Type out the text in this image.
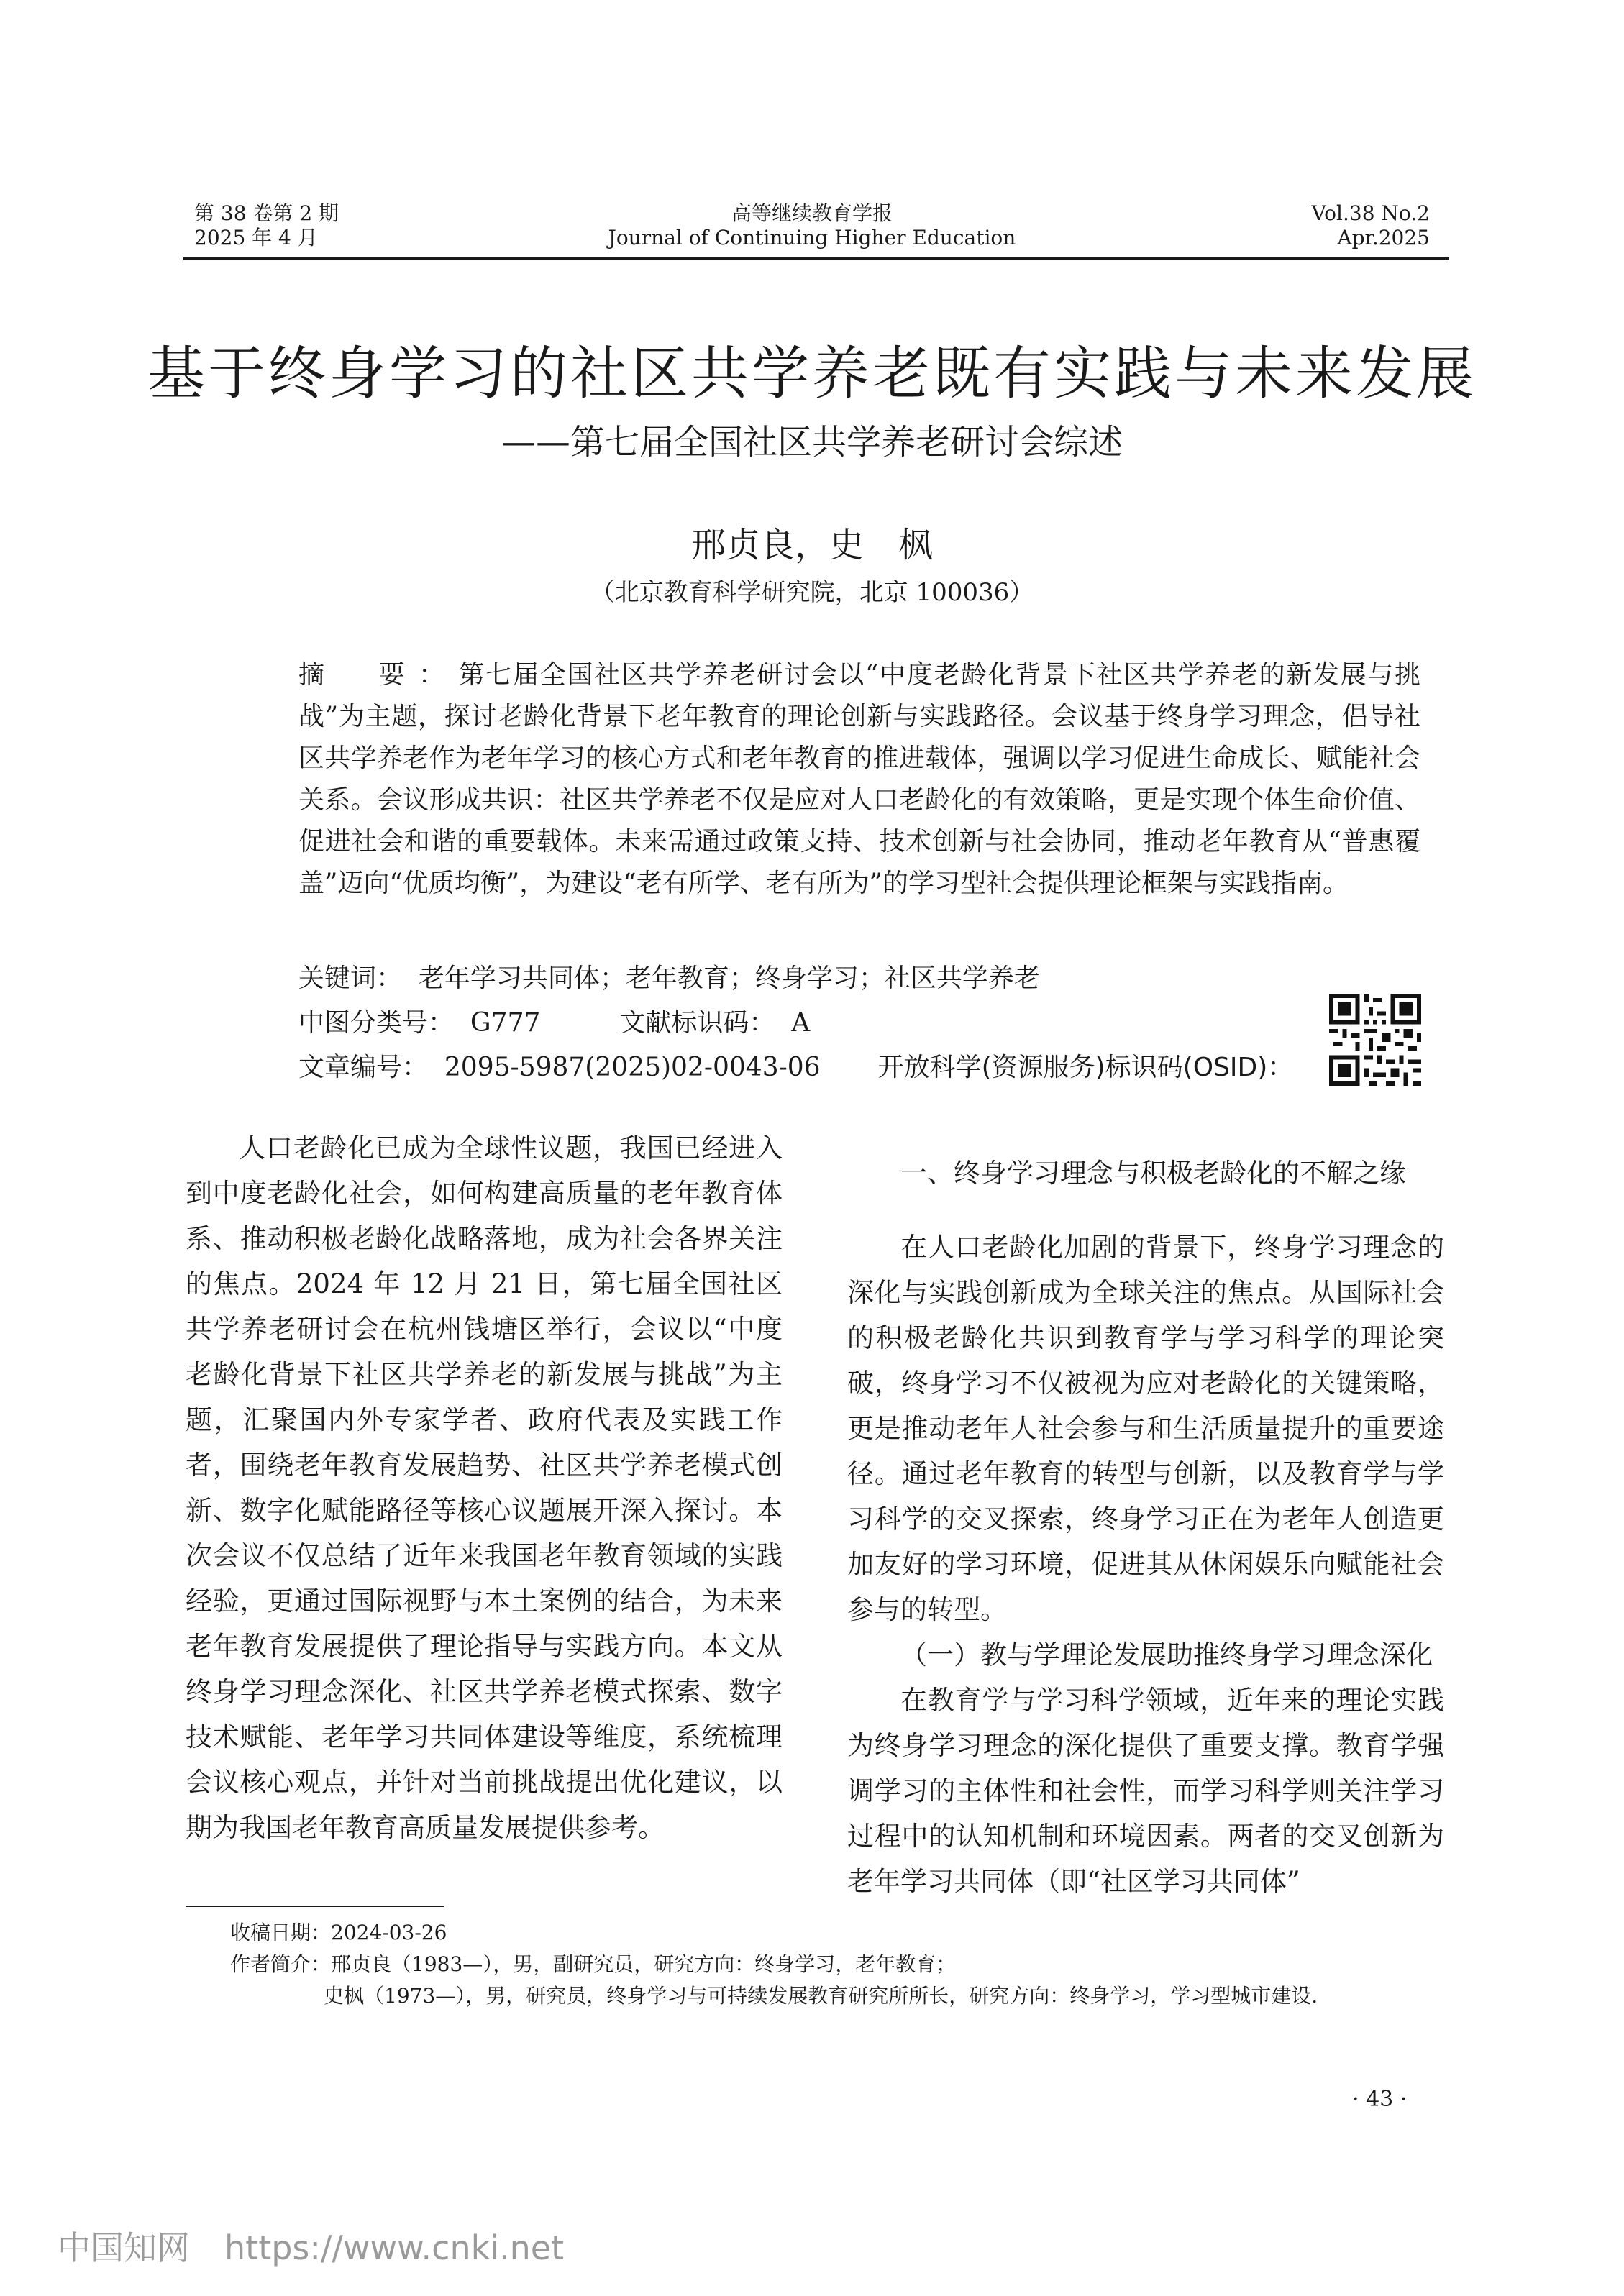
第 38 卷第 2 期
2025 年 4 月
高等继续教育学报
Journal of Continuing Higher Education
Vol.38 No.2
Apr.2025
基于终身学习的社区共学养老既有实践与未来发展
——第七届全国社区共学养老研讨会综述
邢贞良，史　枫
（北京教育科学研究院，北京 100036）
摘　要：第七届全国社区共学养老研讨会以“中度老龄化背景下社区共学养老的新发展与挑战”为主题，探讨老龄化背景下老年教育的理论创新与实践路径。会议基于终身学习理念，倡导社区共学养老作为老年学习的核心方式和老年教育的推进载体，强调以学习促进生命成长、赋能社会关系。会议形成共识：社区共学养老不仅是应对人口老龄化的有效策略，更是实现个体生命价值、促进社会和谐的重要载体。未来需通过政策支持、技术创新与社会协同，推动老年教育从“普惠覆盖”迈向“优质均衡”，为建设“老有所学、老有所为”的学习型社会提供理论框架与实践指南。
关键词： 老年学习共同体；老年教育；终身学习；社区共学养老
中图分类号： G777	文献标识码： A
文章编号： 2095-5987(2025)02-0043-06 开放科学(资源服务)标识码(OSID)：

人口老龄化已成为全球性议题，我国已经进入到中度老龄化社会，如何构建高质量的老年教育体系、推动积极老龄化战略落地，成为社会各界关注的焦点。2024 年 12 月 21 日，第七届全国社区共学养老研讨会在杭州钱塘区举行，会议以“中度老龄化背景下社区共学养老的新发展与挑战”为主题，汇聚国内外专家学者、政府代表及实践工作者，围绕老年教育发展趋势、社区共学养老模式创新、数字化赋能路径等核心议题展开深入探讨。本次会议不仅总结了近年来我国老年教育领域的实践经验，更通过国际视野与本土案例的结合，为未来老年教育发展提供了理论指导与实践方向。本文从终身学习理念深化、社区共学养老模式探索、数字技术赋能、老年学习共同体建设等维度，系统梳理会议核心观点，并针对当前挑战提出优化建议，以期为我国老年教育高质量发展提供参考。

一、终身学习理念与积极老龄化的不解之缘

在人口老龄化加剧的背景下，终身学习理念的深化与实践创新成为全球关注的焦点。从国际社会的积极老龄化共识到教育学与学习科学的理论突破，终身学习不仅被视为应对老龄化的关键策略，更是推动老年人社会参与和生活质量提升的重要途径。通过老年教育的转型与创新，以及教育学与学习科学的交叉探索，终身学习正在为老年人创造更加友好的学习环境，促进其从休闲娱乐向赋能社会参与的转型。

（一）教与学理论发展助推终身学习理念深化

在教育学与学习科学领域，近年来的理论实践为终身学习理念的深化提供了重要支撑。教育学强调学习的主体性和社会性，而学习科学则关注学习过程中的认知机制和环境因素。两者的交叉创新为老年学习共同体（即“社区学习共同体”

收稿日期：2024-03-26
作者简介：邢贞良（1983—），男，副研究员，研究方向：终身学习，老年教育；
史枫（1973—），男，研究员，终身学习与可持续发展教育研究所所长，研究方向：终身学习，学习型城市建设.
· 43 ·
中国知网 https://www.cnki.net
